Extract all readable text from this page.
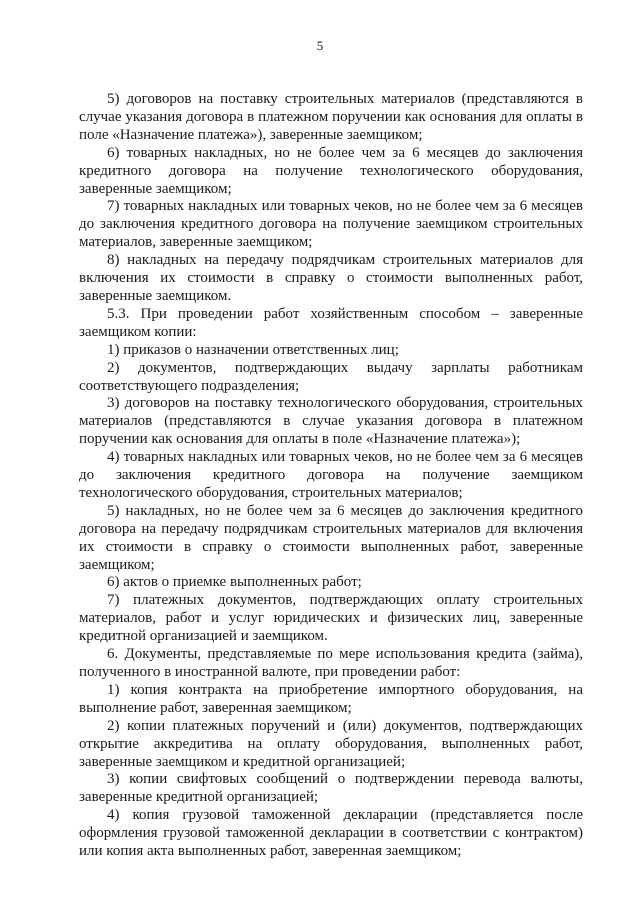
5

5) договоров на поставку строительных материалов (представляются в случае указания договора в платежном поручении как основания для оплаты в поле «Назначение платежа»), заверенные заемщиком;

6) товарных накладных, но не более чем за 6 месяцев до заключения кредитного договора на получение технологического оборудования, заверенные заемщиком;

7) товарных накладных или товарных чеков, но не более чем за 6 месяцев до заключения кредитного договора на получение заемщиком строительных материалов, заверенные заемщиком;

8) накладных на передачу подрядчикам строительных материалов для включения их стоимости в справку о стоимости выполненных работ, заверенные заемщиком.

5.3. При проведении работ хозяйственным способом – заверенные заемщиком копии:

1) приказов о назначении ответственных лиц;

2) документов, подтверждающих выдачу зарплаты работникам соответствующего подразделения;

3) договоров на поставку технологического оборудования, строительных материалов (представляются в случае указания договора в платежном поручении как основания для оплаты в поле «Назначение платежа»);

4) товарных накладных или товарных чеков, но не более чем за 6 месяцев до заключения кредитного договора на получение заемщиком технологического оборудования, строительных материалов;

5) накладных, но не более чем за 6 месяцев до заключения кредитного договора на передачу подрядчикам строительных материалов для включения их стоимости в справку о стоимости выполненных работ, заверенные заемщиком;

6) актов о приемке выполненных работ;

7) платежных документов, подтверждающих оплату строительных материалов, работ и услуг юридических и физических лиц, заверенные кредитной организацией и заемщиком.

6. Документы, представляемые по мере использования кредита (займа), полученного в иностранной валюте, при проведении работ:

1) копия контракта на приобретение импортного оборудования, на выполнение работ, заверенная заемщиком;

2) копии платежных поручений и (или) документов, подтверждающих открытие аккредитива на оплату оборудования, выполненных работ, заверенные заемщиком и кредитной организацией;

3) копии свифтовых сообщений о подтверждении перевода валюты, заверенные кредитной организацией;

4) копия грузовой таможенной декларации (представляется после оформления грузовой таможенной декларации в соответствии с контрактом) или копия акта выполненных работ, заверенная заемщиком;
